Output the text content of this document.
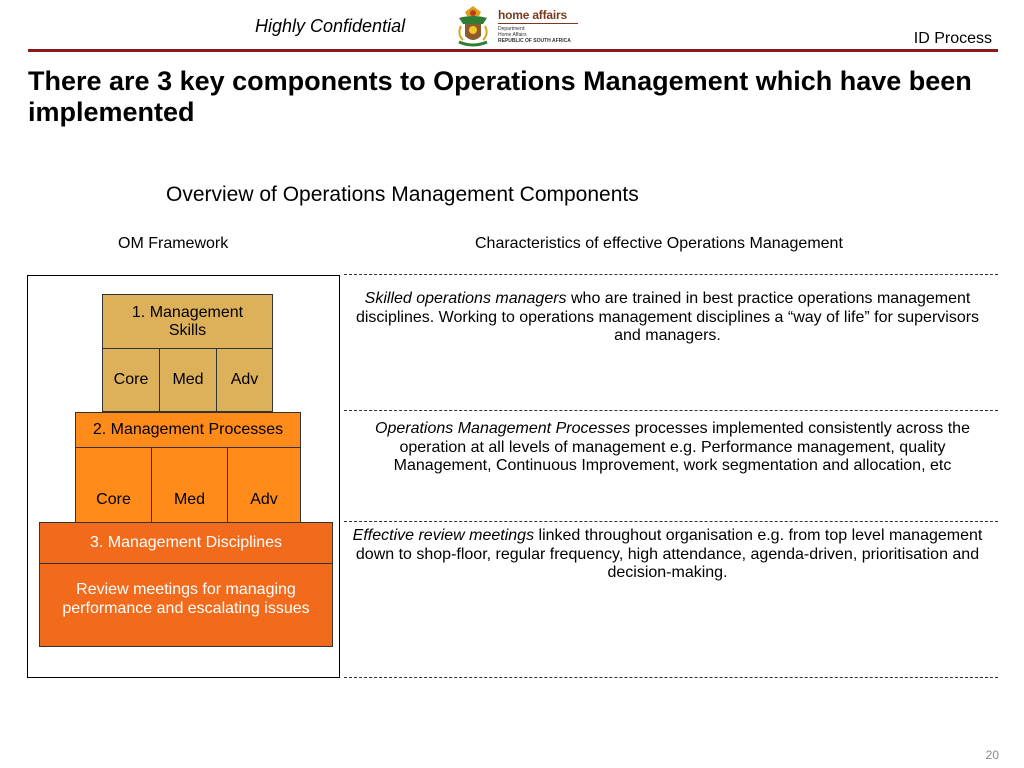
Highly Confidential
home affairs
Department:
Home Affairs
REPUBLIC OF SOUTH AFRICA	ID Process
There are 3 key components to Operations Management which have been implemented
Overview of Operations Management Components
OM Framework	Characteristics of effective Operations Management
1. Management Skills
Core	Med	Adv
2. Management Processes
Core	Med	Adv
3. Management Disciplines
Review meetings for managing performance and escalating issues
Skilled operations managers who are trained in best practice operations management disciplines. Working to operations management disciplines a “way of life” for supervisors and managers.
Operations Management Processes processes implemented consistently across the operation at all levels of management e.g. Performance management, quality Management, Continuous Improvement, work segmentation and allocation, etc
Effective review meetings linked throughout organisation e.g. from top level management down to shop-floor, regular frequency, high attendance, agenda-driven, prioritisation and decision-making.
20
